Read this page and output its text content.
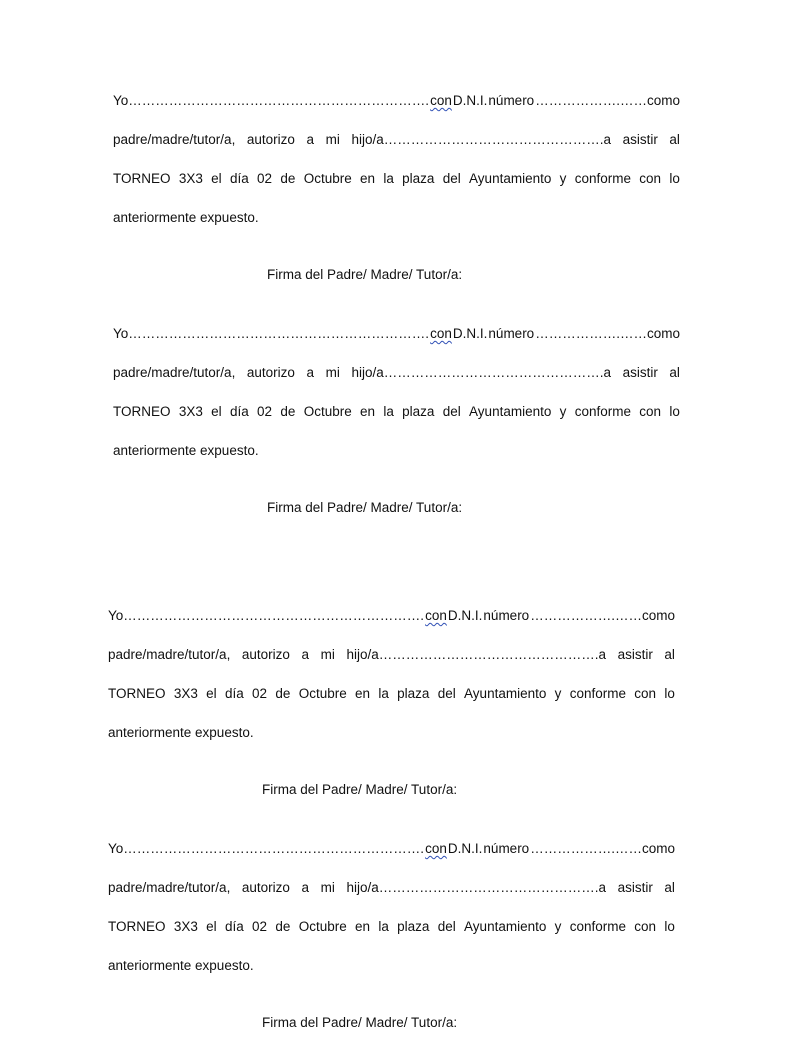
Yo…………………………………………………………. con D.N.I. número ……………….……como
padre/madre/tutor/a, autorizo a mi hijo/a………………………………………….a asistir al
TORNEO 3X3 el día 02 de Octubre en la plaza del Ayuntamiento y conforme con lo
anteriormente expuesto.
Firma del Padre/ Madre/ Tutor/a:
Yo…………………………………………………………. con D.N.I. número ……………….……como
padre/madre/tutor/a, autorizo a mi hijo/a………………………………………….a asistir al
TORNEO 3X3 el día 02 de Octubre en la plaza del Ayuntamiento y conforme con lo
anteriormente expuesto.
Firma del Padre/ Madre/ Tutor/a:
Yo…………………………………………………………. con D.N.I. número ……………….……como
padre/madre/tutor/a, autorizo a mi hijo/a………………………………………….a asistir al
TORNEO 3X3 el día 02 de Octubre en la plaza del Ayuntamiento y conforme con lo
anteriormente expuesto.
Firma del Padre/ Madre/ Tutor/a:
Yo…………………………………………………………. con D.N.I. número ……………….……como
padre/madre/tutor/a, autorizo a mi hijo/a………………………………………….a asistir al
TORNEO 3X3 el día 02 de Octubre en la plaza del Ayuntamiento y conforme con lo
anteriormente expuesto.
Firma del Padre/ Madre/ Tutor/a:
